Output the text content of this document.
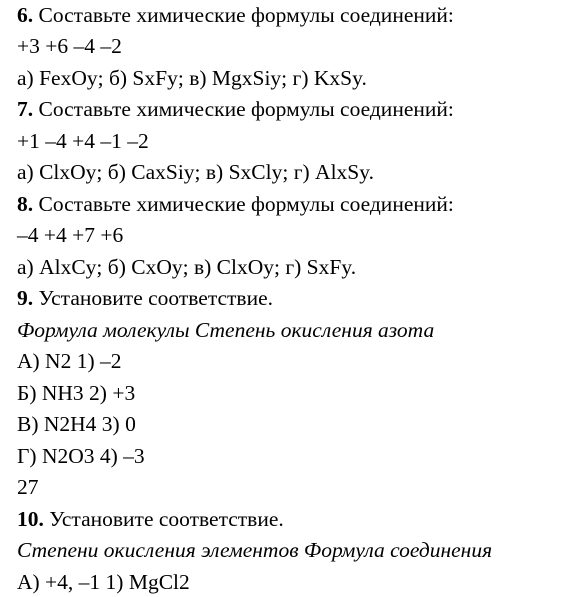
6. Составьте химические формулы соединений:
+3 +6 –4 –2
а) FexOy; б) SxFy; в) MgxSiy; г) KxSy.
7. Составьте химические формулы соединений:
+1 –4 +4 –1 –2
а) ClxOy; б) CaxSiy; в) SxCly; г) AlxSy.
8. Составьте химические формулы соединений:
–4 +4 +7 +6
а) AlxCy; б) CxOy; в) ClxOy; г) SxFy.
9. Установите соответствие.
Формула молекулы Степень окисления азота
А) N2 1) –2
Б) NH3 2) +3
В) N2H4 3) 0
Г) N2O3 4) –3
27
10. Установите соответствие.
Степени окисления элементов Формула соединения
А) +4, –1 1) MgCl2
